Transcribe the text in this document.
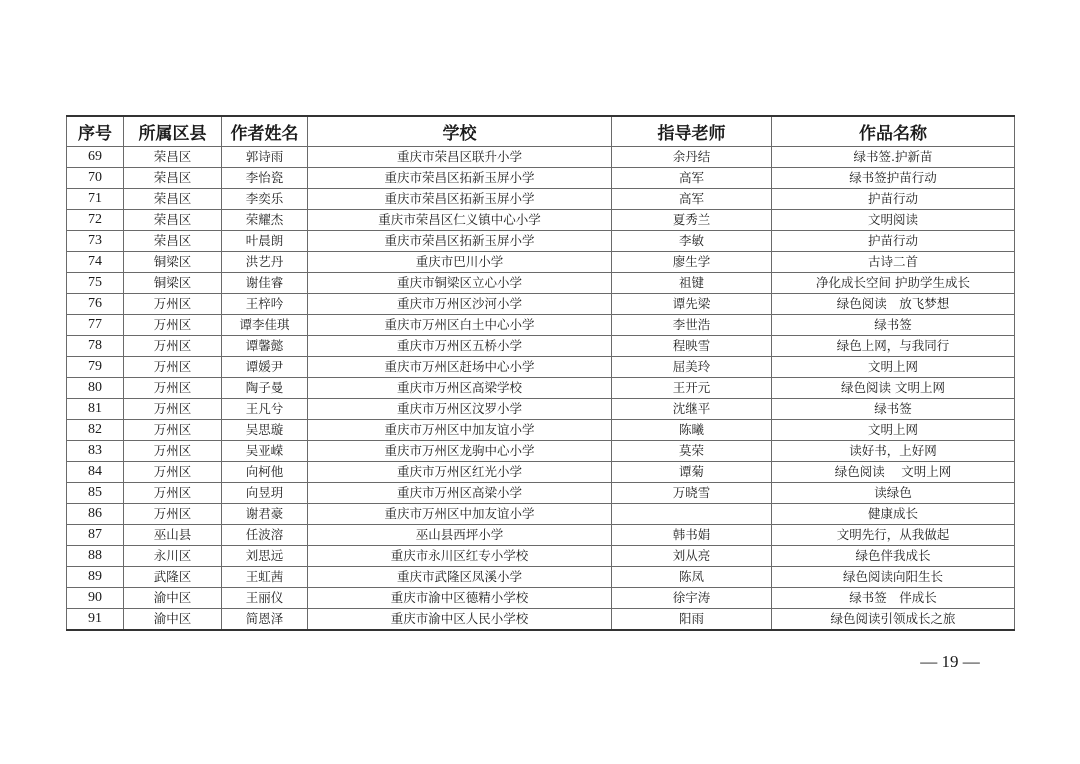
序号	所属区县	作者姓名	学校	指导老师	作品名称
69	荣昌区	郭诗雨	重庆市荣昌区联升小学	余丹结	绿书签.护新苗
70	荣昌区	李怡瓷	重庆市荣昌区拓新玉屏小学	高军	绿书签护苗行动
71	荣昌区	李奕乐	重庆市荣昌区拓新玉屏小学	高军	护苗行动
72	荣昌区	荣耀杰	重庆市荣昌区仁义镇中心小学	夏秀兰	文明阅读
73	荣昌区	叶晨朗	重庆市荣昌区拓新玉屏小学	李敏	护苗行动
74	铜梁区	洪艺丹	重庆市巴川小学	廖生学	古诗二首
75	铜梁区	谢佳睿	重庆市铜梁区立心小学	祖键	净化成长空间 护助学生成长
76	万州区	王梓吟	重庆市万州区沙河小学	谭先梁	绿色阅读　放飞梦想
77	万州区	谭李佳琪	重庆市万州区白土中心小学	李世浩	绿书签
78	万州区	谭馨懿	重庆市万州区五桥小学	程映雪	绿色上网，与我同行
79	万州区	谭媛尹	重庆市万州区赶场中心小学	屈美玲	文明上网
80	万州区	陶子曼	重庆市万州区高梁学校	王开元	绿色阅读 文明上网
81	万州区	王凡兮	重庆市万州区汶罗小学	沈继平	绿书签
82	万州区	吴思璇	重庆市万州区中加友谊小学	陈曦	文明上网
83	万州区	吴亚嵘	重庆市万州区龙驹中心小学	莫荣	读好书，上好网
84	万州区	向柯他	重庆市万州区红光小学	谭菊	绿色阅读　 文明上网
85	万州区	向昱玥	重庆市万州区高梁小学	万晓雪	读绿色
86	万州区	谢君豪	重庆市万州区中加友谊小学		健康成长
87	巫山县	任波溶	巫山县西坪小学	韩书娟	文明先行，从我做起
88	永川区	刘思远	重庆市永川区红专小学校	刘从亮	绿色伴我成长
89	武隆区	王虹茜	重庆市武隆区凤溪小学	陈凤	绿色阅读向阳生长
90	渝中区	王丽仪	重庆市渝中区德精小学校	徐宇涛	绿书签　伴成长
91	渝中区	简恩泽	重庆市渝中区人民小学校	阳雨	绿色阅读引领成长之旅
— 19 —
